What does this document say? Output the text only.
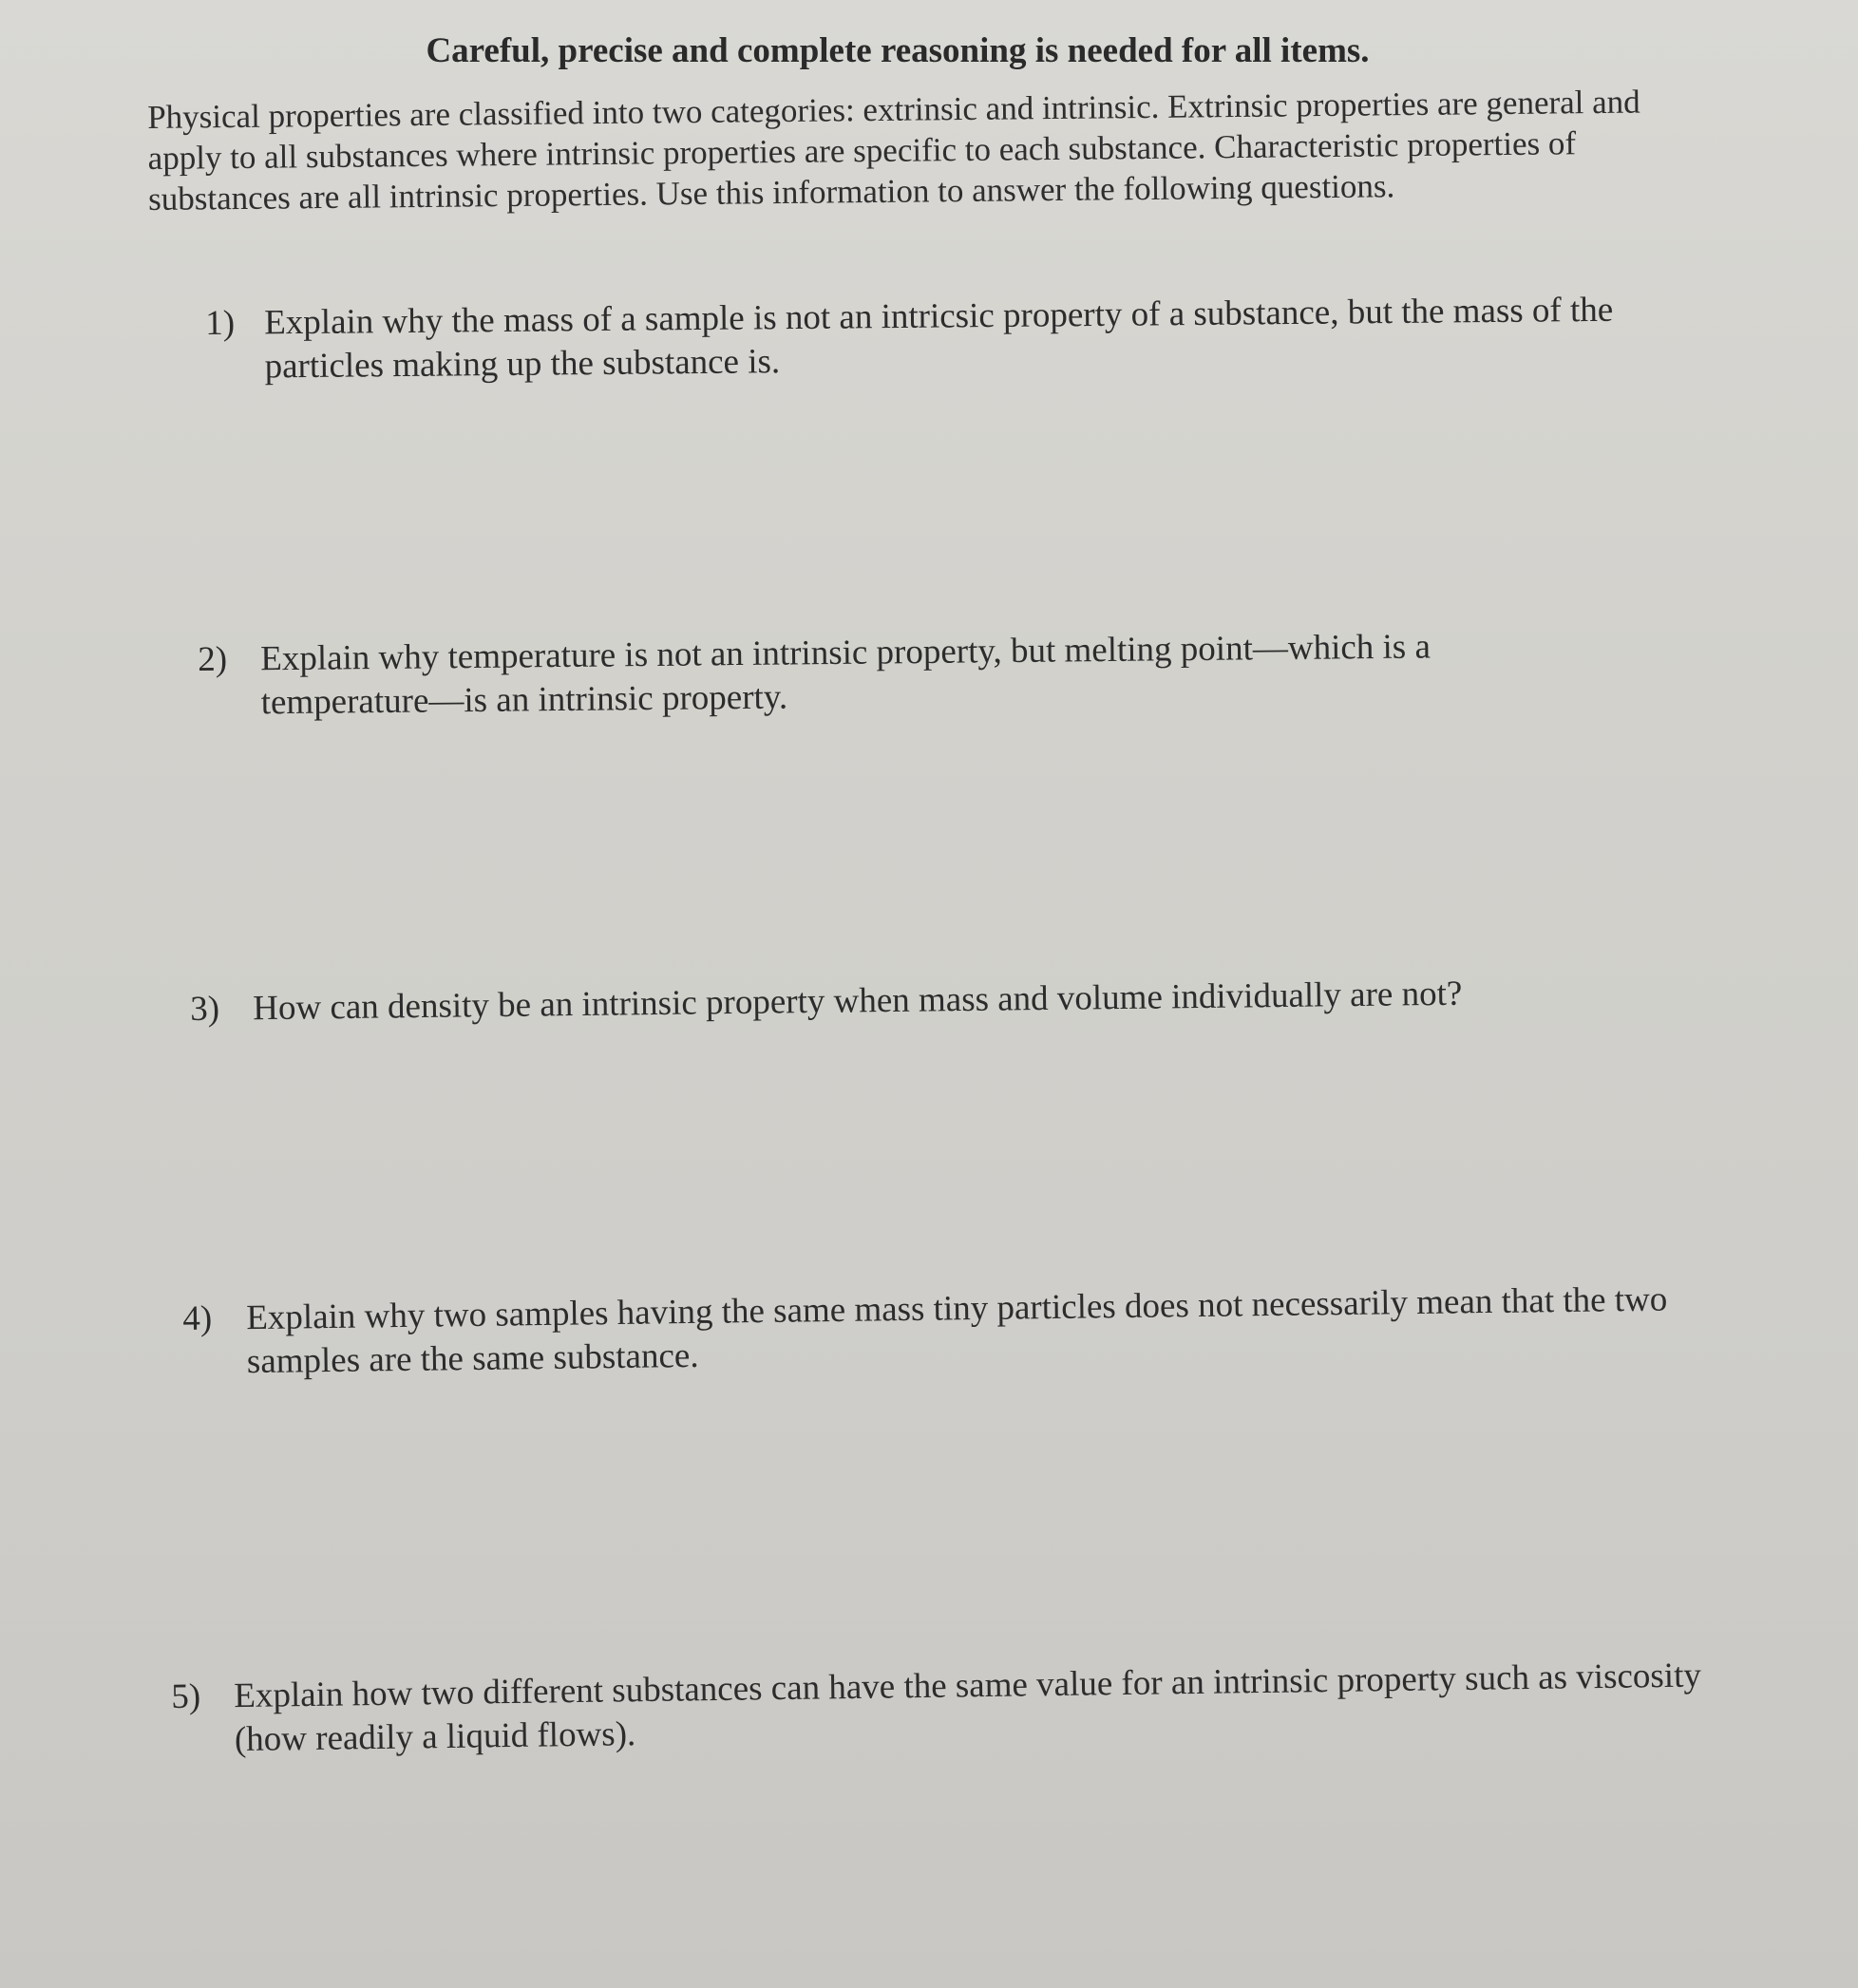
Careful, precise and complete reasoning is needed for all items.
Physical properties are classified into two categories: extrinsic and intrinsic. Extrinsic properties are general and apply to all substances where intrinsic properties are specific to each substance. Characteristic properties of substances are all intrinsic properties. Use this information to answer the following questions.
1) Explain why the mass of a sample is not an intricsic property of a substance, but the mass of the particles making up the substance is.
2) Explain why temperature is not an intrinsic property, but melting point—which is a temperature—is an intrinsic property.
3) How can density be an intrinsic property when mass and volume individually are not?
4) Explain why two samples having the same mass tiny particles does not necessarily mean that the two samples are the same substance.
5) Explain how two different substances can have the same value for an intrinsic property such as viscosity (how readily a liquid flows).
